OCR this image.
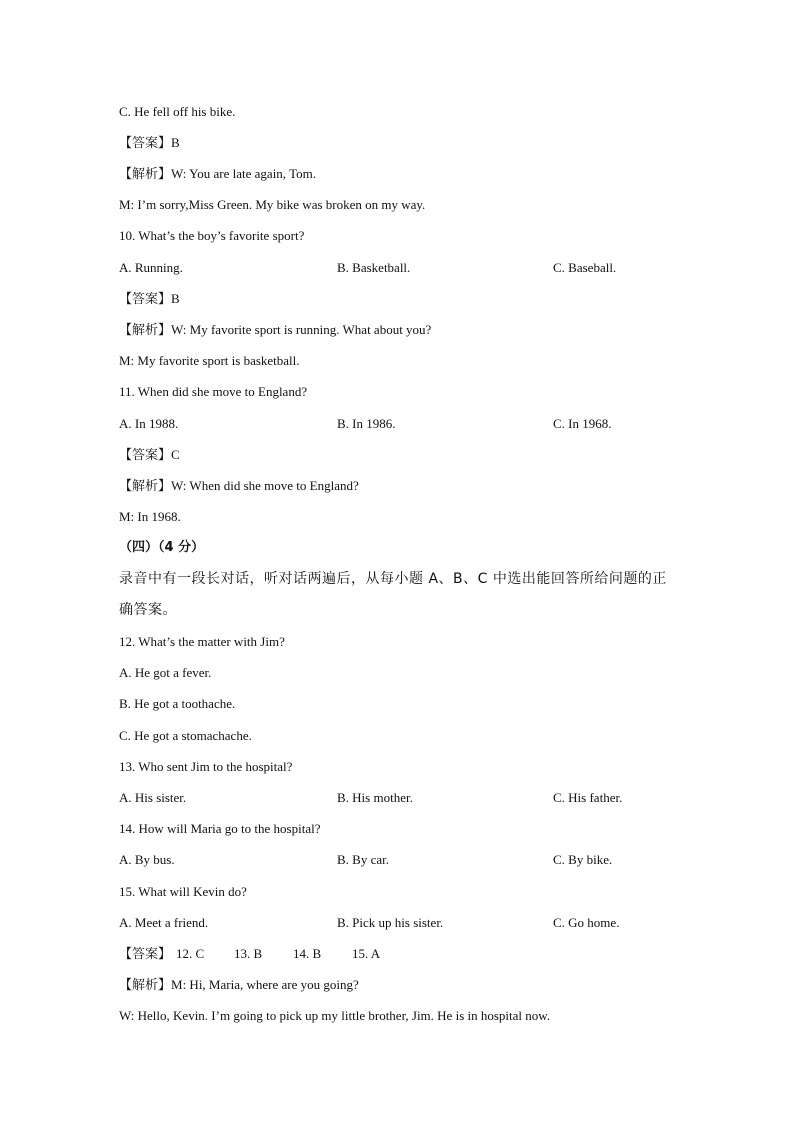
C. He fell off his bike.
【答案】B
【解析】W: You are late again, Tom.
M: I’m sorry,Miss Green. My bike was broken on my way.
10. What’s the boy’s favorite sport?
A. Running.	B. Basketball.	C. Baseball.
【答案】B
【解析】W: My favorite sport is running. What about you?
M: My favorite sport is basketball.
11. When did she move to England?
A. In 1988.	B. In 1986.	C. In 1968.
【答案】C
【解析】W: When did she move to England?
M: In 1968.
（四）（4 分）
录音中有一段长对话，听对话两遍后，从每小题 A、B、C 中选出能回答所给问题的正确答案。
12. What’s the matter with Jim?
A. He got a fever.
B. He got a toothache.
C. He got a stomachache.
13. Who sent Jim to the hospital?
A. His sister.	B. His mother.	C. His father.
14. How will Maria go to the hospital?
A. By bus.	B. By car.	C. By bike.
15. What will Kevin do?
A. Meet a friend.	B. Pick up his sister.	C. Go home.
【答案】 12. C 13. B 14. B 15. A
【解析】M: Hi, Maria, where are you going?
W: Hello, Kevin. I’m going to pick up my little brother, Jim. He is in hospital now.
